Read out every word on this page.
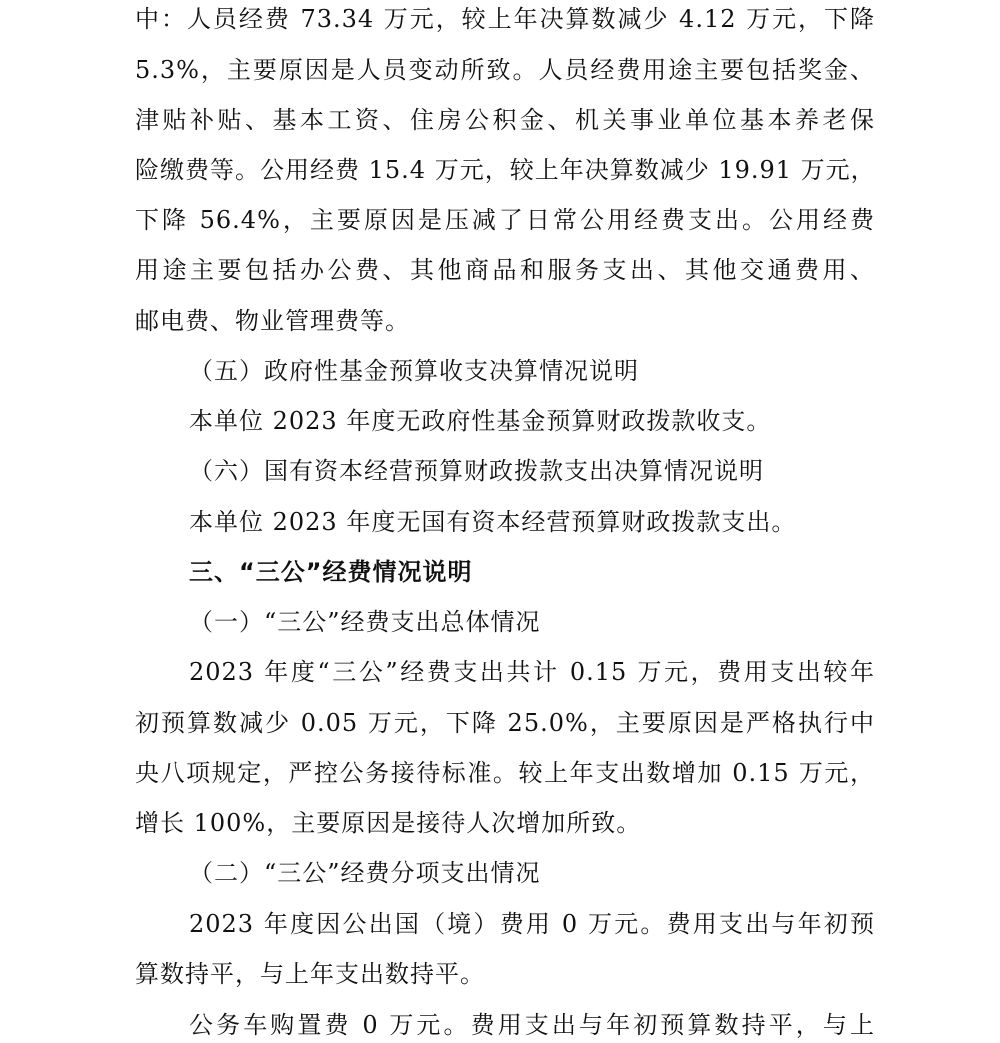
中：人员经费 73.34 万元，较上年决算数减少 4.12 万元，下降
5.3%，主要原因是人员变动所致。人员经费用途主要包括奖金、
津贴补贴、基本工资、住房公积金、机关事业单位基本养老保
险缴费等。公用经费 15.4 万元，较上年决算数减少 19.91 万元，
下降 56.4%，主要原因是压减了日常公用经费支出。公用经费
用途主要包括办公费、其他商品和服务支出、其他交通费用、
邮电费、物业管理费等。
（五）政府性基金预算收支决算情况说明
本单位 2023 年度无政府性基金预算财政拨款收支。
（六）国有资本经营预算财政拨款支出决算情况说明
本单位 2023 年度无国有资本经营预算财政拨款支出。
三、“三公”经费情况说明
（一）“三公”经费支出总体情况
2023 年度“三公”经费支出共计 0.15 万元，费用支出较年
初预算数减少 0.05 万元，下降 25.0%，主要原因是严格执行中
央八项规定，严控公务接待标准。较上年支出数增加 0.15 万元，
增长 100%，主要原因是接待人次增加所致。
（二）“三公”经费分项支出情况
2023 年度因公出国（境）费用 0 万元。费用支出与年初预
算数持平，与上年支出数持平。
公务车购置费 0 万元。费用支出与年初预算数持平，与上
